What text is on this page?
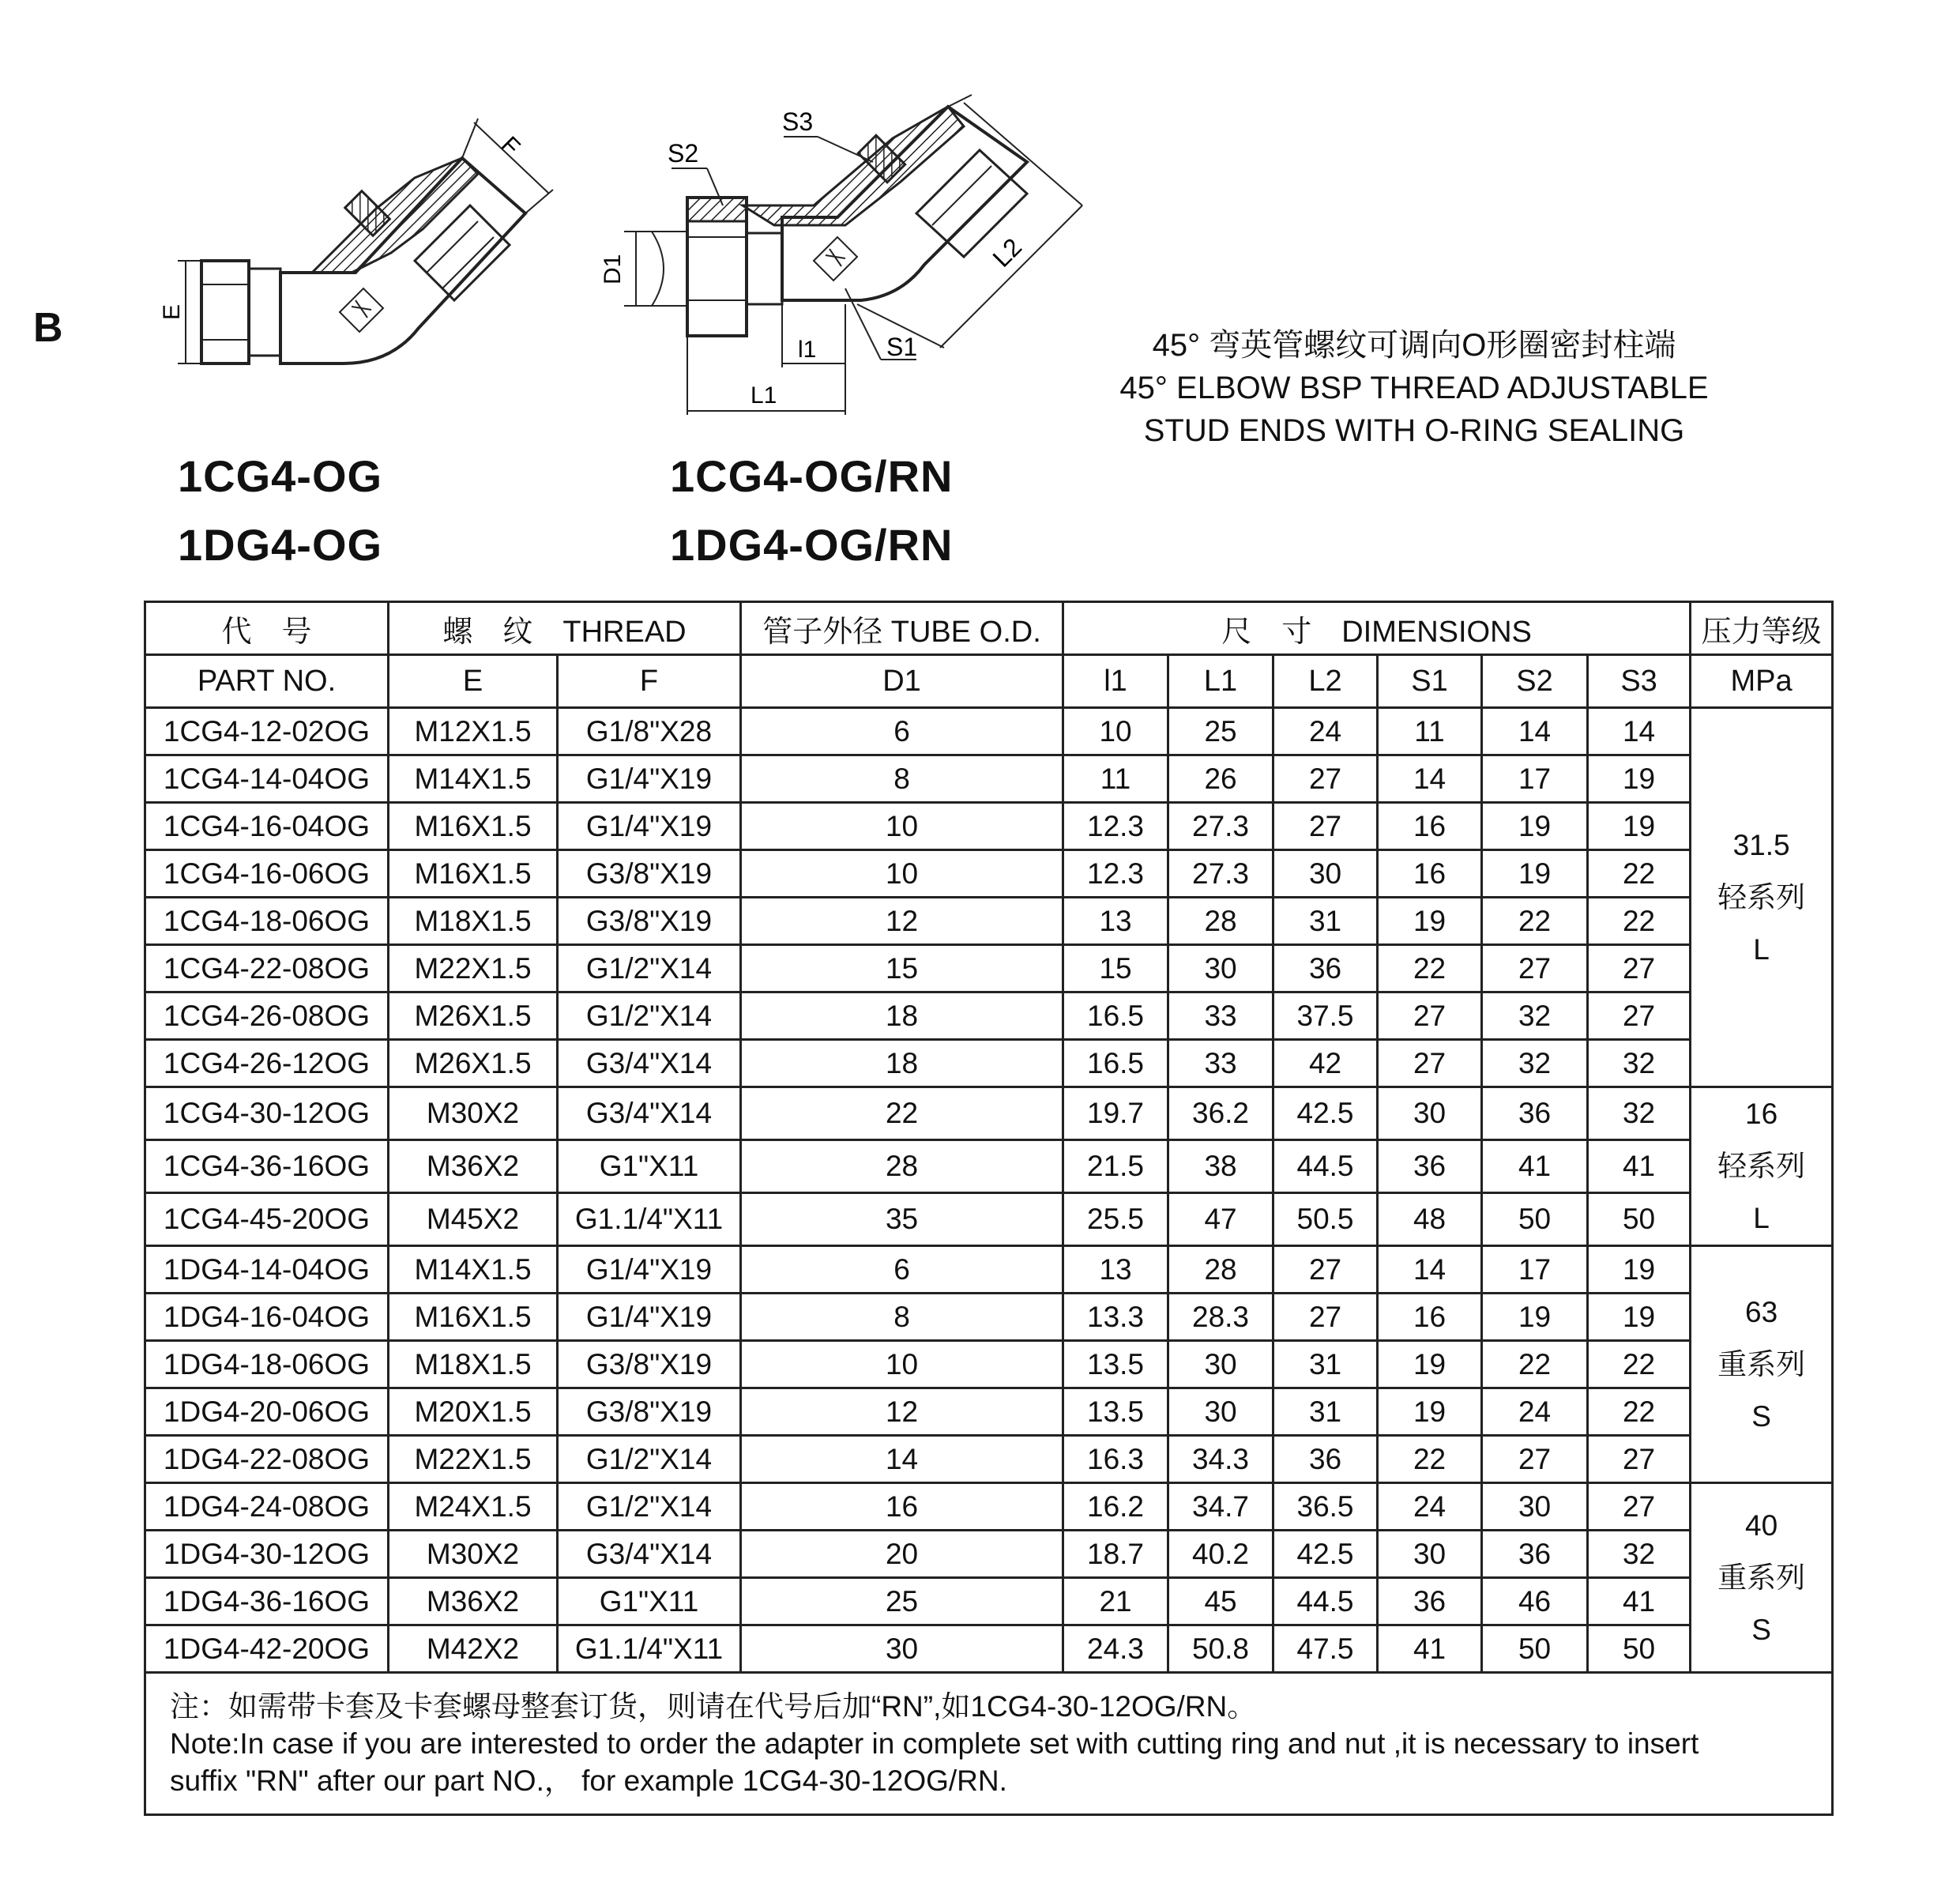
B
F
E
D1
S2
S3
L2
S1
l1
L1
1CG4-OG
1DG4-OG
1CG4-OG/RN
1DG4-OG/RN
45° 弯英管螺纹可调向O形圈密封柱端
45° ELBOW BSP THREAD ADJUSTABLE
STUD ENDS WITH O-RING SEALING
代　号	螺　纹　THREAD		管子外径 TUBE O.D.	尺　寸　DIMENSIONS						压力等级
PART NO.	E	F	D1	l1	L1	L2	S1	S2	S3	MPa
1CG4-12-02OG	M12X1.5	G1/8"X28	6	10	25	24	11	14	14	31.5
轻系列
L

1CG4-14-04OG	M14X1.5	G1/4"X19	8	11	26	27	14	17	19	
1CG4-16-04OG	M16X1.5	G1/4"X19	10	12.3	27.3	27	16	19	19	
1CG4-16-06OG	M16X1.5	G3/8"X19	10	12.3	27.3	30	16	19	22	
1CG4-18-06OG	M18X1.5	G3/8"X19	12	13	28	31	19	22	22	
1CG4-22-08OG	M22X1.5	G1/2"X14	15	15	30	36	22	27	27	
1CG4-26-08OG	M26X1.5	G1/2"X14	18	16.5	33	37.5	27	32	27	
1CG4-26-12OG	M26X1.5	G3/4"X14	18	16.5	33	42	27	32	32	
1CG4-30-12OG	M30X2	G3/4"X14	22	19.7	36.2	42.5	30	36	32	16
轻系列
L

1CG4-36-16OG	M36X2	G1"X11	28	21.5	38	44.5	36	41	41	
1CG4-45-20OG	M45X2	G1.1/4"X11	35	25.5	47	50.5	48	50	50	
1DG4-14-04OG	M14X1.5	G1/4"X19	6	13	28	27	14	17	19	63
重系列
S

1DG4-16-04OG	M16X1.5	G1/4"X19	8	13.3	28.3	27	16	19	19	
1DG4-18-06OG	M18X1.5	G3/8"X19	10	13.5	30	31	19	22	22	
1DG4-20-06OG	M20X1.5	G3/8"X19	12	13.5	30	31	19	24	22	
1DG4-22-08OG	M22X1.5	G1/2"X14	14	16.3	34.3	36	22	27	27	
1DG4-24-08OG	M24X1.5	G1/2"X14	16	16.2	34.7	36.5	24	30	27	40
重系列
S

1DG4-30-12OG	M30X2	G3/4"X14	20	18.7	40.2	42.5	30	36	32	
1DG4-36-16OG	M36X2	G1"X11	25	21	45	44.5	36	46	41	
1DG4-42-20OG	M42X2	G1.1/4"X11	30	24.3	50.8	47.5	41	50	50	

注：如需带卡套及卡套螺母整套订货，则请在代号后加“RN”,如1CG4-30-12OG/RN。
Note:In case if you are interested to order the adapter in complete set with cutting ring and nut ,it is necessary to insert
suffix "RN" after our part NO.， for example 1CG4-30-12OG/RN.										
